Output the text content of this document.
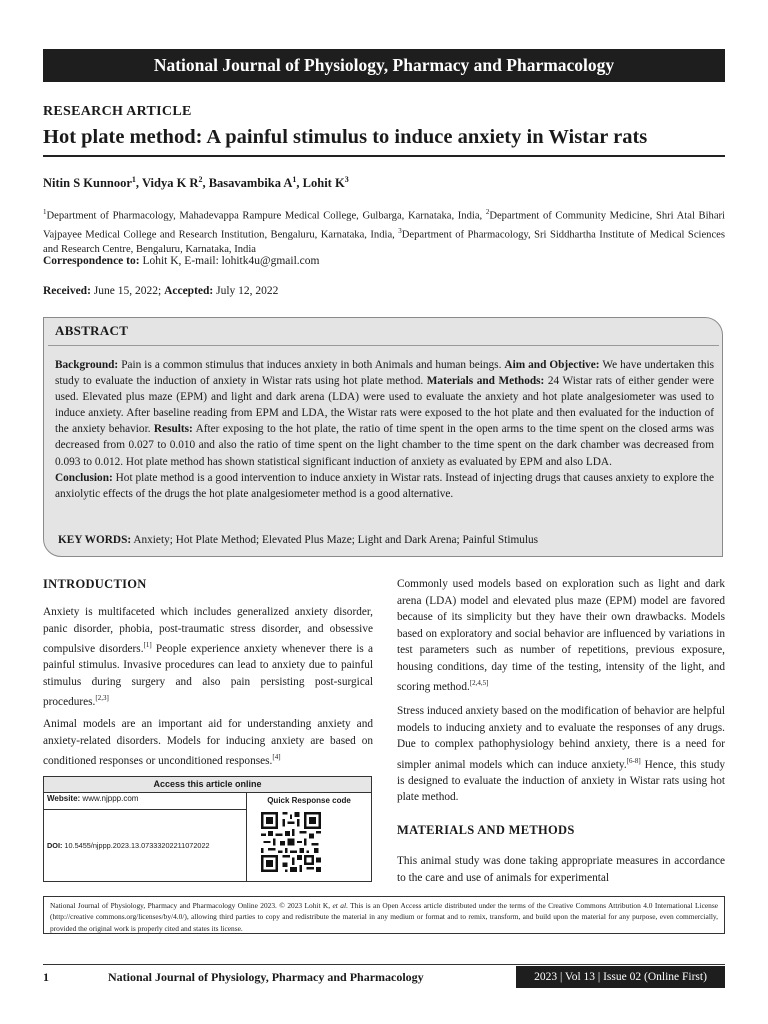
National Journal of Physiology, Pharmacy and Pharmacology
RESEARCH ARTICLE
Hot plate method: A painful stimulus to induce anxiety in Wistar rats
Nitin S Kunnoor$^1$, Vidya K $R^2$, Basavambika $A^1$, Lohit $K^3$
$^1$Department of Pharmacology, Mahadevappa Rampure Medical College, Gulbarga, Karnataka, India, $^2$Department of Community Medicine, Shri Atal Bihari Vajpayee Medical College and Research Institution, Bengaluru, Karnataka, India, $^3$Department of Pharmacology, Sri Siddhartha Institute of Medical Sciences and Research Centre, Bengaluru, Karnataka, India
Correspondence to: Lohit K, E-mail: lohitk4u@gmail.com
Received: June 15, 2022; Accepted: July 12, 2022
ABSTRACT
Background: Pain is a common stimulus that induces anxiety in both Animals and human beings. Aim and Objective: We have undertaken this study to evaluate the induction of anxiety in Wistar rats using hot plate method. Materials and Methods: 24 Wistar rats of either gender were used. Elevated plus maze (EPM) and light and dark arena (LDA) were used to evaluate the anxiety and hot plate analgesiometer was used to induce anxiety. After baseline reading from EPM and LDA, the Wistar rats were exposed to the hot plate and then evaluated for the induction of the anxiety behavior. Results: After exposing to the hot plate, the ratio of time spent in the open arms to the time spent on the closed arms was decreased from 0.027 to 0.010 and also the ratio of time spent on the light chamber to the time spent on the dark chamber was decreased from 0.093 to 0.012. Hot plate method has shown statistical significant induction of anxiety as evaluated by EPM and also LDA.
Conclusion: Hot plate method is a good intervention to induce anxiety in Wistar rats. Instead of injecting drugs that causes anxiety to explore the anxiolytic effects of the drugs the hot plate analgesiometer method is a good alternative.
KEY WORDS: Anxiety; Hot Plate Method; Elevated Plus Maze; Light and Dark Arena; Painful Stimulus
INTRODUCTION
Anxiety is multifaceted which includes generalized anxiety disorder, panic disorder, phobia, post-traumatic stress disorder, and obsessive compulsive disorders.[1] People experience anxiety whenever there is a painful stimulus. Invasive procedures can lead to anxiety due to painful stimulus during surgery and also pain persisting post-surgical procedures.[2,3]
Animal models are an important aid for understanding anxiety and anxiety-related disorders. Models for inducing anxiety are based on conditioned responses or unconditioned responses.[4]
Access this article online
Website: www.njppp.com	Quick Response code
DOI: 10.5455/njppp.2023.13.07333202211072022
Commonly used models based on exploration such as light and dark arena (LDA) model and elevated plus maze (EPM) model are favored because of its simplicity but they have their own drawbacks. Models based on exploratory and social behavior are influenced by variations in test parameters such as number of repetitions, previous exposure, housing conditions, day time of the testing, intensity of the light, and scoring method.[2,4,5]
Stress induced anxiety based on the modification of behavior are helpful models to inducing anxiety and to evaluate the responses of any drugs. Due to complex pathophysiology behind anxiety, there is a need for simpler animal models which can induce anxiety.[6-8] Hence, this study is designed to evaluate the induction of anxiety in Wistar rats using hot plate method.
MATERIALS AND METHODS
This animal study was done taking appropriate measures in accordance to the care and use of animals for experimental
National Journal of Physiology, Pharmacy and Pharmacology Online 2023. © 2023 Lohit K, et al. This is an Open Access article distributed under the terms of the Creative Commons Attribution 4.0 International License (http://creative commons.org/licenses/by/4.0/), allowing third parties to copy and redistribute the material in any medium or format and to remix, transform, and build upon the material for any purpose, even commercially, provided the original work is properly cited and states its license.
1	National Journal of Physiology, Pharmacy and Pharmacology	2023 | Vol 13 | Issue 02 (Online First)
